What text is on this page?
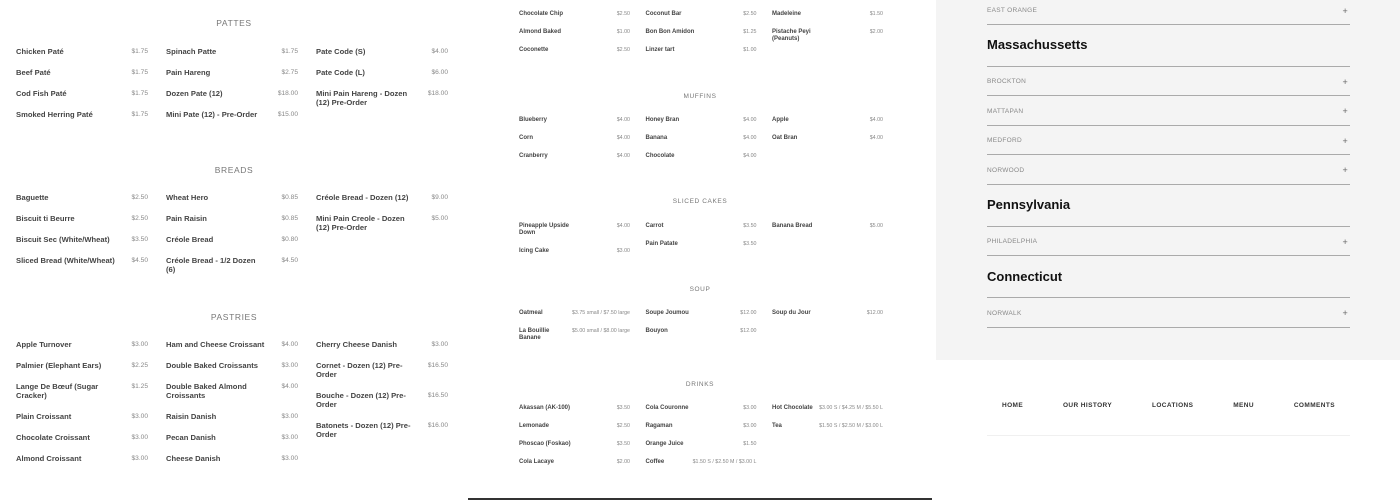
PATTES
Chicken Paté	$1.75
Beef Paté	$1.75
Cod Fish Paté	$1.75
Smoked Herring Paté	$1.75
Spinach Patte	$1.75
Pain Hareng	$2.75
Dozen Pate (12)	$18.00
Mini Pate (12) - Pre-Order	$15.00
Pate Code (S)	$4.00
Pate Code (L)	$6.00
Mini Pain Hareng - Dozen (12) Pre-Order
$18.00
BREADS
Baguette	$2.50
Biscuit ti Beurre	$2.50
Biscuit Sec (White/Wheat)	$3.50
Sliced Bread (White/Wheat)	$4.50
Wheat Hero	$0.85
Pain Raisin	$0.85
Créole Bread	$0.80
Créole Bread - 1/2 Dozen (6)
$4.50
Créole Bread - Dozen (12)	$9.00
Mini Pain Creole - Dozen (12) Pre-Order
$5.00
PASTRIES
Apple Turnover	$3.00
Palmier (Elephant Ears)	$2.25
Lange De Bœuf (Sugar Cracker)
$1.25
Plain Croissant	$3.00
Chocolate Croissant	$3.00
Almond Croissant	$3.00
Ham and Cheese Croissant	$4.00
Double Baked Croissants	$3.00
Double Baked Almond Croissants
$4.00
Raisin Danish	$3.00
Pecan Danish	$3.00
Cheese Danish	$3.00
Cherry Cheese Danish	$3.00
Cornet - Dozen (12) Pre-Order
$16.50
Bouche - Dozen (12) Pre-Order
$16.50
Batonets - Dozen (12) Pre-Order
$16.00
Chocolate Chip	$2.50
Almond Baked	$1.00
Coconette	$2.50
Coconut Bar	$2.50
Bon Bon Amidon	$1.25
Linzer tart	$1.00
Madeleine	$1.50
Pistache Peyi (Peanuts)
$2.00
MUFFINS
Blueberry	$4.00
Corn	$4.00
Cranberry	$4.00
Honey Bran	$4.00
Banana	$4.00
Chocolate	$4.00
Apple	$4.00
Oat Bran	$4.00
SLICED CAKES
Pineapple Upside Down
$4.00
Icing Cake	$3.00
Carrot	$3.50
Pain Patate	$3.50
Banana Bread	$5.00
SOUP
Oatmeal	$3.75 small / $7.50 large
La Bouillie Banane
$5.00 small / $8.00 large
Soupe Joumou	$12.00
Bouyon	$12.00
Soup du Jour	$12.00
DRINKS
Akassan (AK-100)	$3.50
Lemonade	$2.50
Phoscao (Foskao)	$3.50
Cola Lacaye	$2.00
Cola Couronne	$3.00
Ragaman	$3.00
Orange Juice	$1.50
Coffee	$1.50 S / $2.50 M / $3.00 L
Hot Chocolate $3.00 S / $4.25 M / $5.50 L
Tea	$1.50 S / $2.50 M / $3.00 L
EAST ORANGE	+
Massachussetts
BROCKTON	+
MATTAPAN	+
MEDFORD	+
NORWOOD	+
Pennsylvania
PHILADELPHIA	+
Connecticut
NORWALK	+
HOME	OUR HISTORY	LOCATIONS	MENU	COMMENTS
